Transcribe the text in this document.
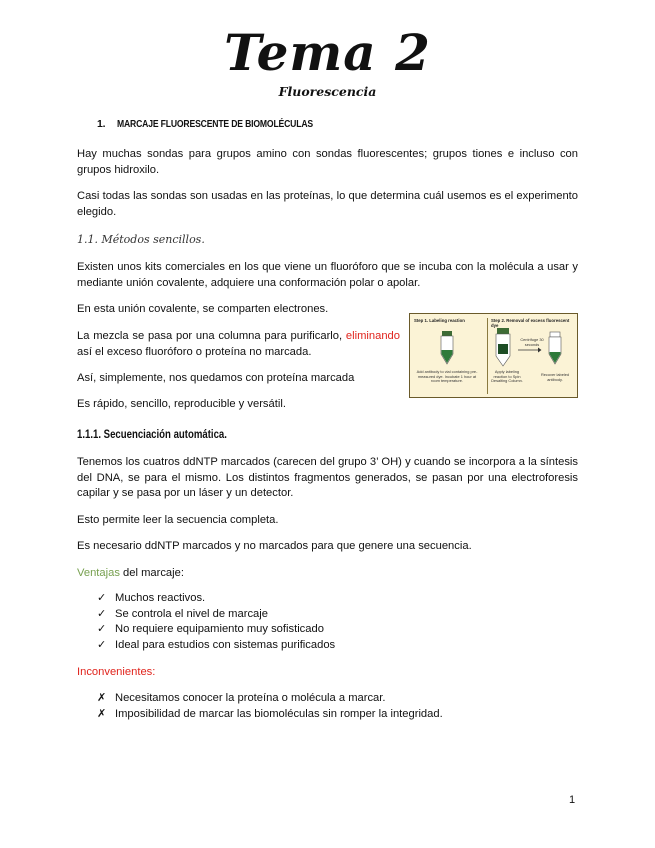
Tema 2
Fluorescencia
1. MARCAJE FLUORESCENTE DE BIOMOLÉCULAS

Hay muchas sondas para grupos amino con sondas fluorescentes; grupos tiones e incluso con grupos hidroxilo.

Casi todas las sondas son usadas en las proteínas, lo que determina cuál usemos es el experimento elegido.

1.1. Métodos sencillos.

Existen unos kits comerciales en los que viene un fluoróforo que se incuba con la molécula a usar y mediante unión covalente, adquiere una conformación polar o apolar.

En esta unión covalente, se comparten electrones.

La mezcla se pasa por una columna para purificarlo, eliminando así el exceso fluoróforo o proteína no marcada.

Así, simplemente, nos quedamos con proteína marcada

Es rápido, sencillo, reproducible y versátil.

Step 1. Labeling reaction	Step 2. Removal of excess fluorescent dye
Centrifuge 30 seconds
Add antibody to vial containing pre-measured dye. Incubate 1 hour at room temperature.
Apply labeling reaction to Spin Desalting Column.
Recover labeled antibody.
1.1.1. Secuenciación automática.

Tenemos los cuatros ddNTP marcados (carecen del grupo 3’ OH) y cuando se incorpora a la síntesis del DNA, se para el mismo. Los distintos fragmentos generados, se pasan por una electroforesis capilar y se pasa por un láser y un detector.

Esto permite leer la secuencia completa.

Es necesario ddNTP marcados y no marcados para que genere una secuencia.

Ventajas del marcaje:

✓ Muchos reactivos.
✓ Se controla el nivel de marcaje
✓ No requiere equipamiento muy sofisticado
✓ Ideal para estudios con sistemas purificados

Inconvenientes:

✗ Necesitamos conocer la proteína o molécula a marcar.
✗ Imposibilidad de marcar las biomoléculas sin romper la integridad.
1
